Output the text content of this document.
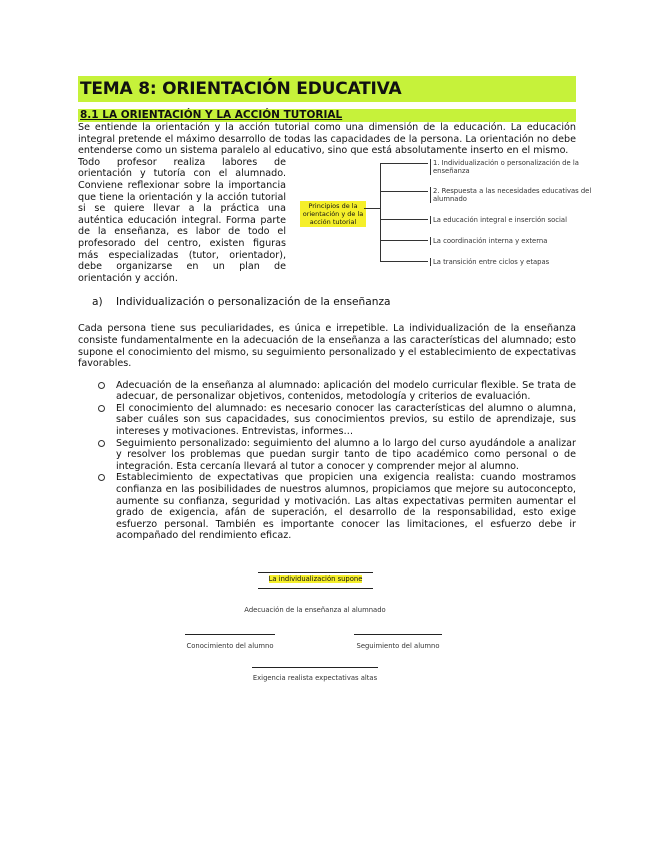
TEMA 8: ORIENTACIÓN EDUCATIVA
8.1 LA ORIENTACIÓN Y LA ACCIÓN TUTORIAL

Se entiende la orientación y la acción tutorial como una dimensión de la educación. La educación integral pretende el máximo desarrollo de todas las capacidades de la persona. La orientación no debe entenderse como un sistema paralelo al educativo, sino que está absolutamente inserto en el mismo.

Todo profesor realiza labores de orientación y tutoría con el alumnado. Conviene reflexionar sobre la importancia que tiene la orientación y la acción tutorial si se quiere llevar a la práctica una auténtica educación integral. Forma parte de la enseñanza, es labor de todo el profesorado del centro, existen figuras más especializadas (tutor, orientador), debe organizarse en un plan de orientación y acción.

Principios de la orientación y de la acción tutorial
1. Individualización o personalización de la enseñanza
2. Respuesta a las necesidades educativas del alumnado
La educación integral e inserción social
La coordinación interna y externa
La transición entre ciclos y etapas
a) Individualización o personalización de la enseñanza

Cada persona tiene sus peculiaridades, es única e irrepetible. La individualización de la enseñanza consiste fundamentalmente en la adecuación de la enseñanza a las características del alumnado; esto supone el conocimiento del mismo, su seguimiento personalizado y el establecimiento de expectativas favorables.

Adecuación de la enseñanza al alumnado: aplicación del modelo curricular flexible. Se trata de adecuar, de personalizar objetivos, contenidos, metodología y criterios de evaluación.
El conocimiento del alumnado: es necesario conocer las características del alumno o alumna, saber cuáles son sus capacidades, sus conocimientos previos, su estilo de aprendizaje, sus intereses y motivaciones. Entrevistas, informes…
Seguimiento personalizado: seguimiento del alumno a lo largo del curso ayudándole a analizar y resolver los problemas que puedan surgir tanto de tipo académico como personal o de integración. Esta cercanía llevará al tutor a conocer y comprender mejor al alumno.
Establecimiento de expectativas que propicien una exigencia realista: cuando mostramos confianza en las posibilidades de nuestros alumnos, propiciamos que mejore su autoconcepto, aumente su confianza, seguridad y motivación. Las altas expectativas permiten aumentar el grado de exigencia, afán de superación, el desarrollo de la responsabilidad, esto exige esfuerzo personal. También es importante conocer las limitaciones, el esfuerzo debe ir acompañado del rendimiento eficaz.
La individualización supone
Adecuación de la enseñanza al alumnado
Conocimiento del alumno	Seguimiento del alumno
Exigencia realista expectativas altas
